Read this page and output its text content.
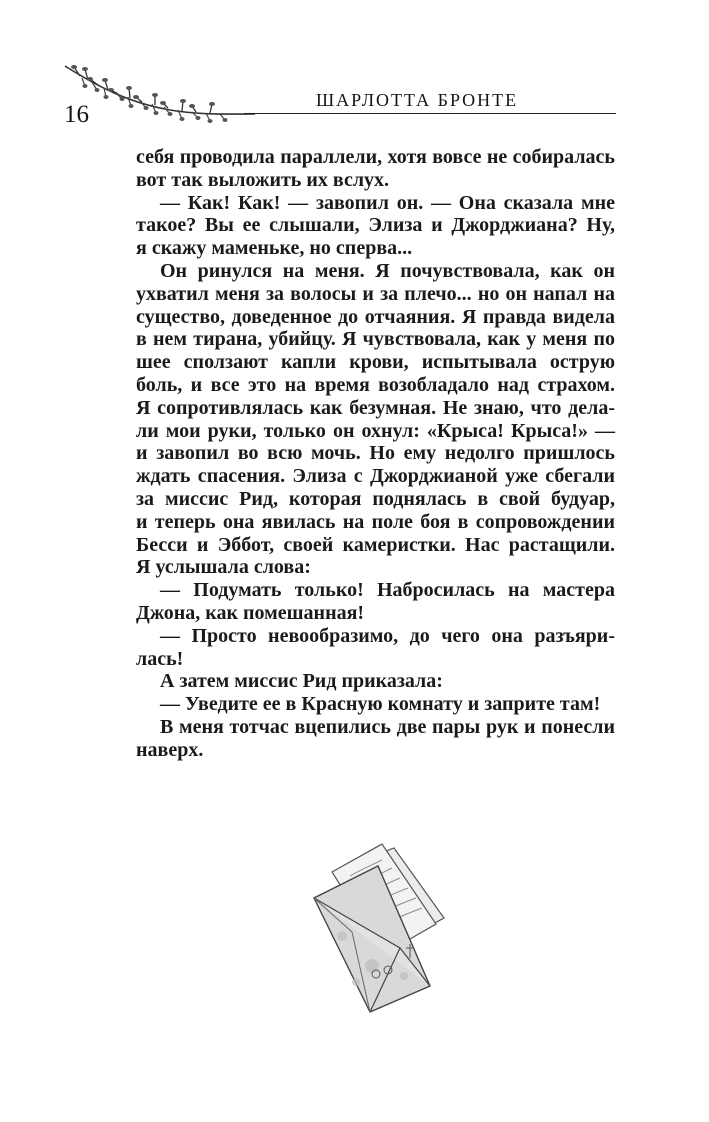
16
ШАРЛОТТА БРОНТЕ

себя проводила параллели, хотя вовсе не собиралась
вот так выложить их вслух.

— Как! Как! — завопил он. — Она сказала мне
такое? Вы ее слышали, Элиза и Джорджиана? Ну,
я скажу маменьке, но сперва...

Он ринулся на меня. Я почувствовала, как он
ухватил меня за волосы и за плечо... но он напал на
существо, доведенное до отчаяния. Я правда видела
в нем тирана, убийцу. Я чувствовала, как у меня по
шее сползают капли крови, испытывала острую
боль, и все это на время возобладало над страхом.
Я сопротивлялась как безумная. Не знаю, что дела-
ли мои руки, только он охнул: «Крыса! Крыса!» —
и завопил во всю мочь. Но ему недолго пришлось
ждать спасения. Элиза с Джорджианой уже сбегали
за миссис Рид, которая поднялась в свой будуар,
и теперь она явилась на поле боя в сопровождении
Бесси и Эббот, своей камеристки. Нас растащили.
Я услышала слова:

— Подумать только! Набросилась на мастера
Джона, как помешанная!

— Просто невообразимо, до чего она разъяри-
лась!

А затем миссис Рид приказала:

— Уведите ее в Красную комнату и заприте там!

В меня тотчас вцепились две пары рук и понесли
наверх.
